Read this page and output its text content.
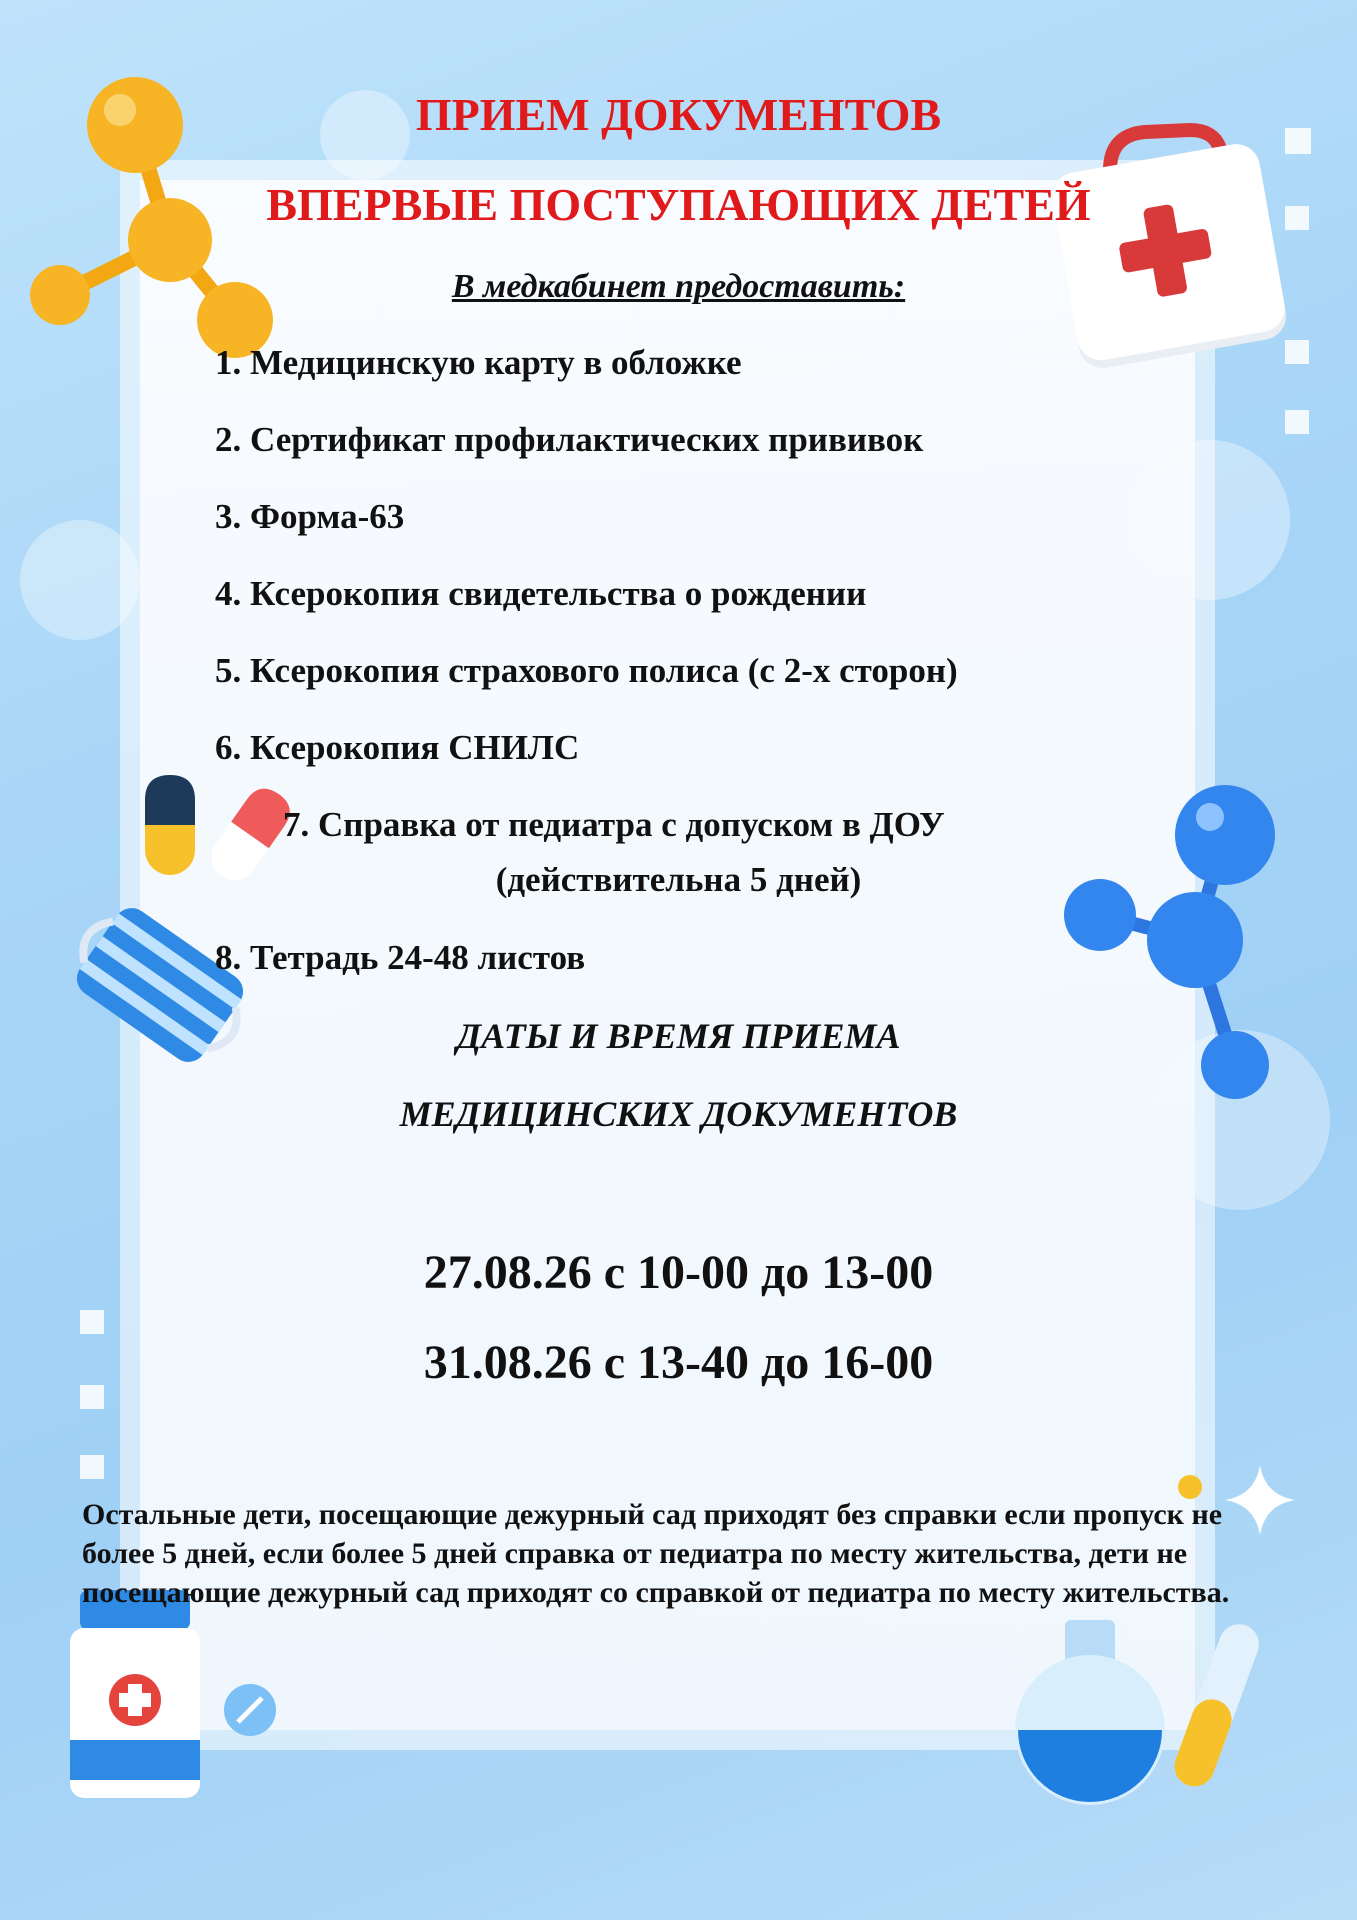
ПРИЕМ ДОКУМЕНТОВ
ВПЕРВЫЕ ПОСТУПАЮЩИХ ДЕТЕЙ
В медкабинет предоставить:
1. Медицинскую карту в обложке
2. Сертификат профилактических прививок
3. Форма-63
4. Ксерокопия свидетельства о рождении
5. Ксерокопия страхового полиса (с 2-х сторон)
6. Ксерокопия СНИЛС
7. Справка от педиатра с допуском в ДОУ
(действительна 5 дней)
8. Тетрадь 24-48 листов
ДАТЫ И ВРЕМЯ ПРИЕМА
МЕДИЦИНСКИХ ДОКУМЕНТОВ
27.08.26 с 10-00 до 13-00
31.08.26 с 13-40 до 16-00
Остальные дети, посещающие дежурный сад приходят без справки если пропуск не более 5 дней, если более 5 дней справка от педиатра по месту жительства, дети не посещающие дежурный сад приходят со справкой от педиатра по месту жительства.
